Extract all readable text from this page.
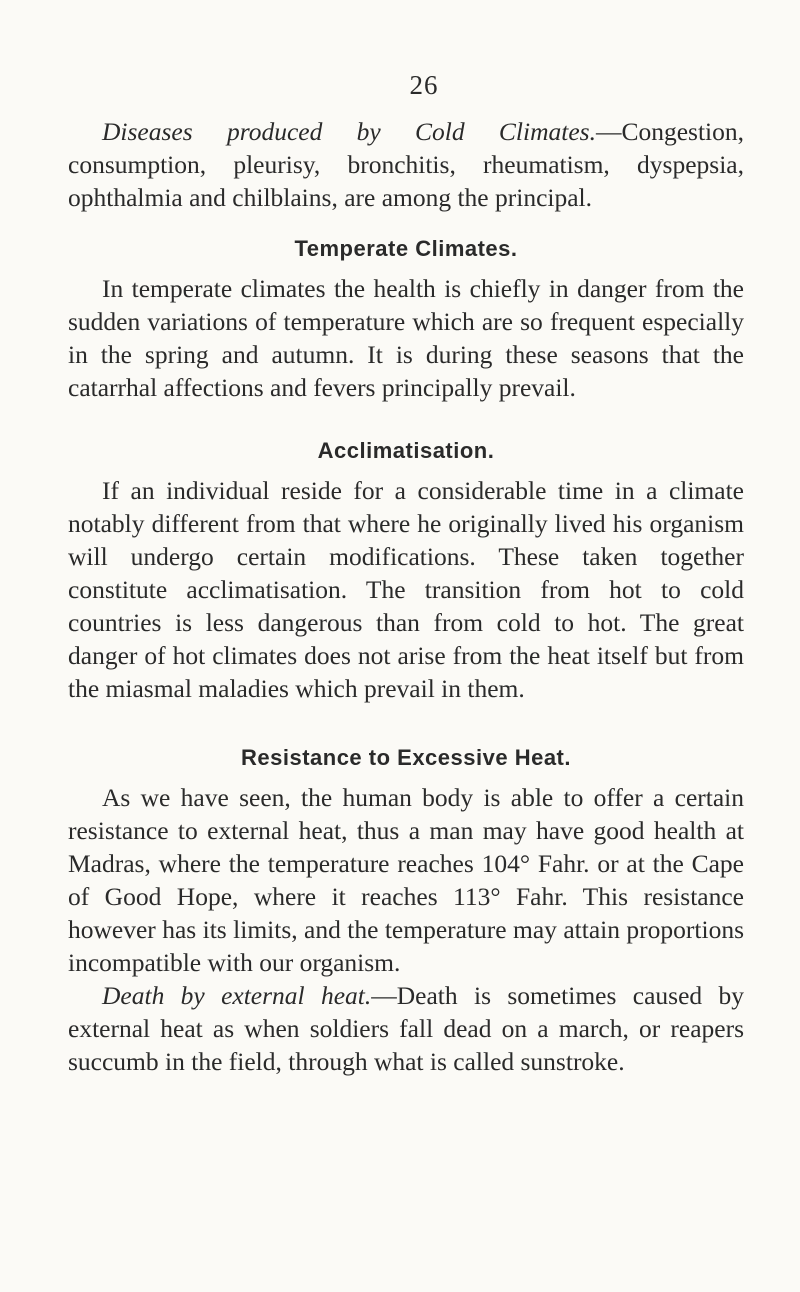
26

Diseases produced by Cold Climates.—Congestion, consumption, pleurisy, bronchitis, rheumatism, dyspepsia, ophthalmia and chilblains, are among the principal.

Temperate Climates.

In temperate climates the health is chiefly in danger from the sudden variations of temperature which are so frequent especially in the spring and autumn. It is during these seasons that the catarrhal affections and fevers principally prevail.

Acclimatisation.

If an individual reside for a considerable time in a climate notably different from that where he originally lived his organism will undergo certain modifications. These taken together constitute acclimatisation. The transition from hot to cold countries is less dangerous than from cold to hot. The great danger of hot climates does not arise from the heat itself but from the miasmal maladies which prevail in them.

Resistance to Excessive Heat.

As we have seen, the human body is able to offer a certain resistance to external heat, thus a man may have good health at Madras, where the temperature reaches 104° Fahr. or at the Cape of Good Hope, where it reaches 113° Fahr. This resistance however has its limits, and the temperature may attain proportions incompatible with our organism.

Death by external heat.—Death is sometimes caused by external heat as when soldiers fall dead on a march, or reapers succumb in the field, through what is called sunstroke.
